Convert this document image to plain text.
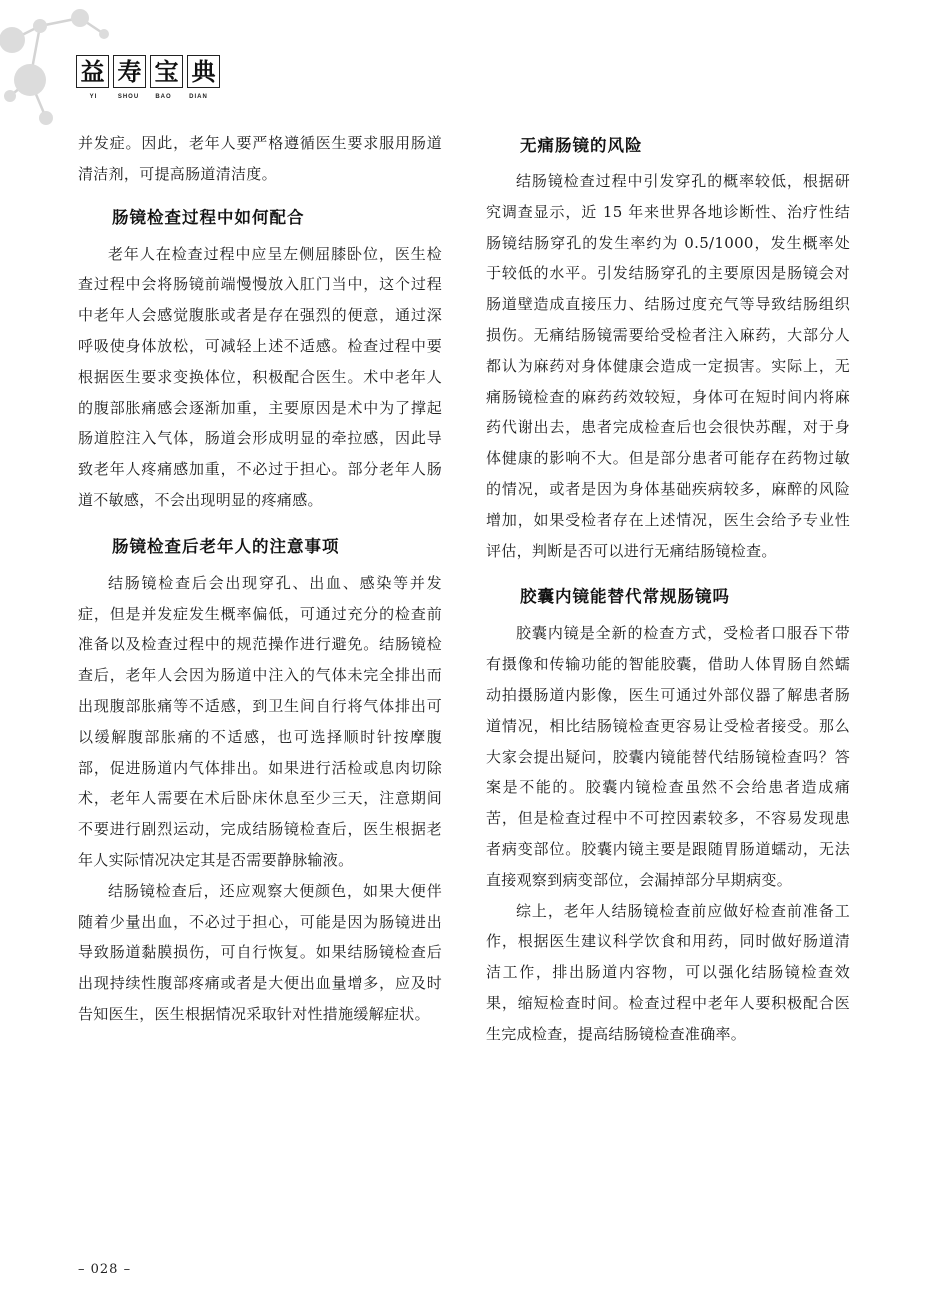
益 寿 宝 典
YI	SHOU	BAO	DIAN

并发症。因此，老年人要严格遵循医生要求服用肠道清洁剂，可提高肠道清洁度。

肠镜检查过程中如何配合

老年人在检查过程中应呈左侧屈膝卧位，医生检查过程中会将肠镜前端慢慢放入肛门当中，这个过程中老年人会感觉腹胀或者是存在强烈的便意，通过深呼吸使身体放松，可减轻上述不适感。检查过程中要根据医生要求变换体位，积极配合医生。术中老年人的腹部胀痛感会逐渐加重，主要原因是术中为了撑起肠道腔注入气体，肠道会形成明显的牵拉感，因此导致老年人疼痛感加重，不必过于担心。部分老年人肠道不敏感，不会出现明显的疼痛感。

肠镜检查后老年人的注意事项

结肠镜检查后会出现穿孔、出血、感染等并发症，但是并发症发生概率偏低，可通过充分的检查前准备以及检查过程中的规范操作进行避免。结肠镜检查后，老年人会因为肠道中注入的气体未完全排出而出现腹部胀痛等不适感，到卫生间自行将气体排出可以缓解腹部胀痛的不适感，也可选择顺时针按摩腹部，促进肠道内气体排出。如果进行活检或息肉切除术，老年人需要在术后卧床休息至少三天，注意期间不要进行剧烈运动，完成结肠镜检查后，医生根据老年人实际情况决定其是否需要静脉输液。

结肠镜检查后，还应观察大便颜色，如果大便伴随着少量出血，不必过于担心，可能是因为肠镜进出导致肠道黏膜损伤，可自行恢复。如果结肠镜检查后出现持续性腹部疼痛或者是大便出血量增多，应及时告知医生，医生根据情况采取针对性措施缓解症状。

无痛肠镜的风险

结肠镜检查过程中引发穿孔的概率较低，根据研究调查显示，近 15 年来世界各地诊断性、治疗性结肠镜结肠穿孔的发生率约为 0.5/1000，发生概率处于较低的水平。引发结肠穿孔的主要原因是肠镜会对肠道壁造成直接压力、结肠过度充气等导致结肠组织损伤。无痛结肠镜需要给受检者注入麻药，大部分人都认为麻药对身体健康会造成一定损害。实际上，无痛肠镜检查的麻药药效较短，身体可在短时间内将麻药代谢出去，患者完成检查后也会很快苏醒，对于身体健康的影响不大。但是部分患者可能存在药物过敏的情况，或者是因为身体基础疾病较多，麻醉的风险增加，如果受检者存在上述情况，医生会给予专业性评估，判断是否可以进行无痛结肠镜检查。

胶囊内镜能替代常规肠镜吗

胶囊内镜是全新的检查方式，受检者口服吞下带有摄像和传输功能的智能胶囊，借助人体胃肠自然蠕动拍摄肠道内影像，医生可通过外部仪器了解患者肠道情况，相比结肠镜检查更容易让受检者接受。那么大家会提出疑问，胶囊内镜能替代结肠镜检查吗？答案是不能的。胶囊内镜检查虽然不会给患者造成痛苦，但是检查过程中不可控因素较多，不容易发现患者病变部位。胶囊内镜主要是跟随胃肠道蠕动，无法直接观察到病变部位，会漏掉部分早期病变。

综上，老年人结肠镜检查前应做好检查前准备工作，根据医生建议科学饮食和用药，同时做好肠道清洁工作，排出肠道内容物，可以强化结肠镜检查效果，缩短检查时间。检查过程中老年人要积极配合医生完成检查，提高结肠镜检查准确率。

– 028 –
